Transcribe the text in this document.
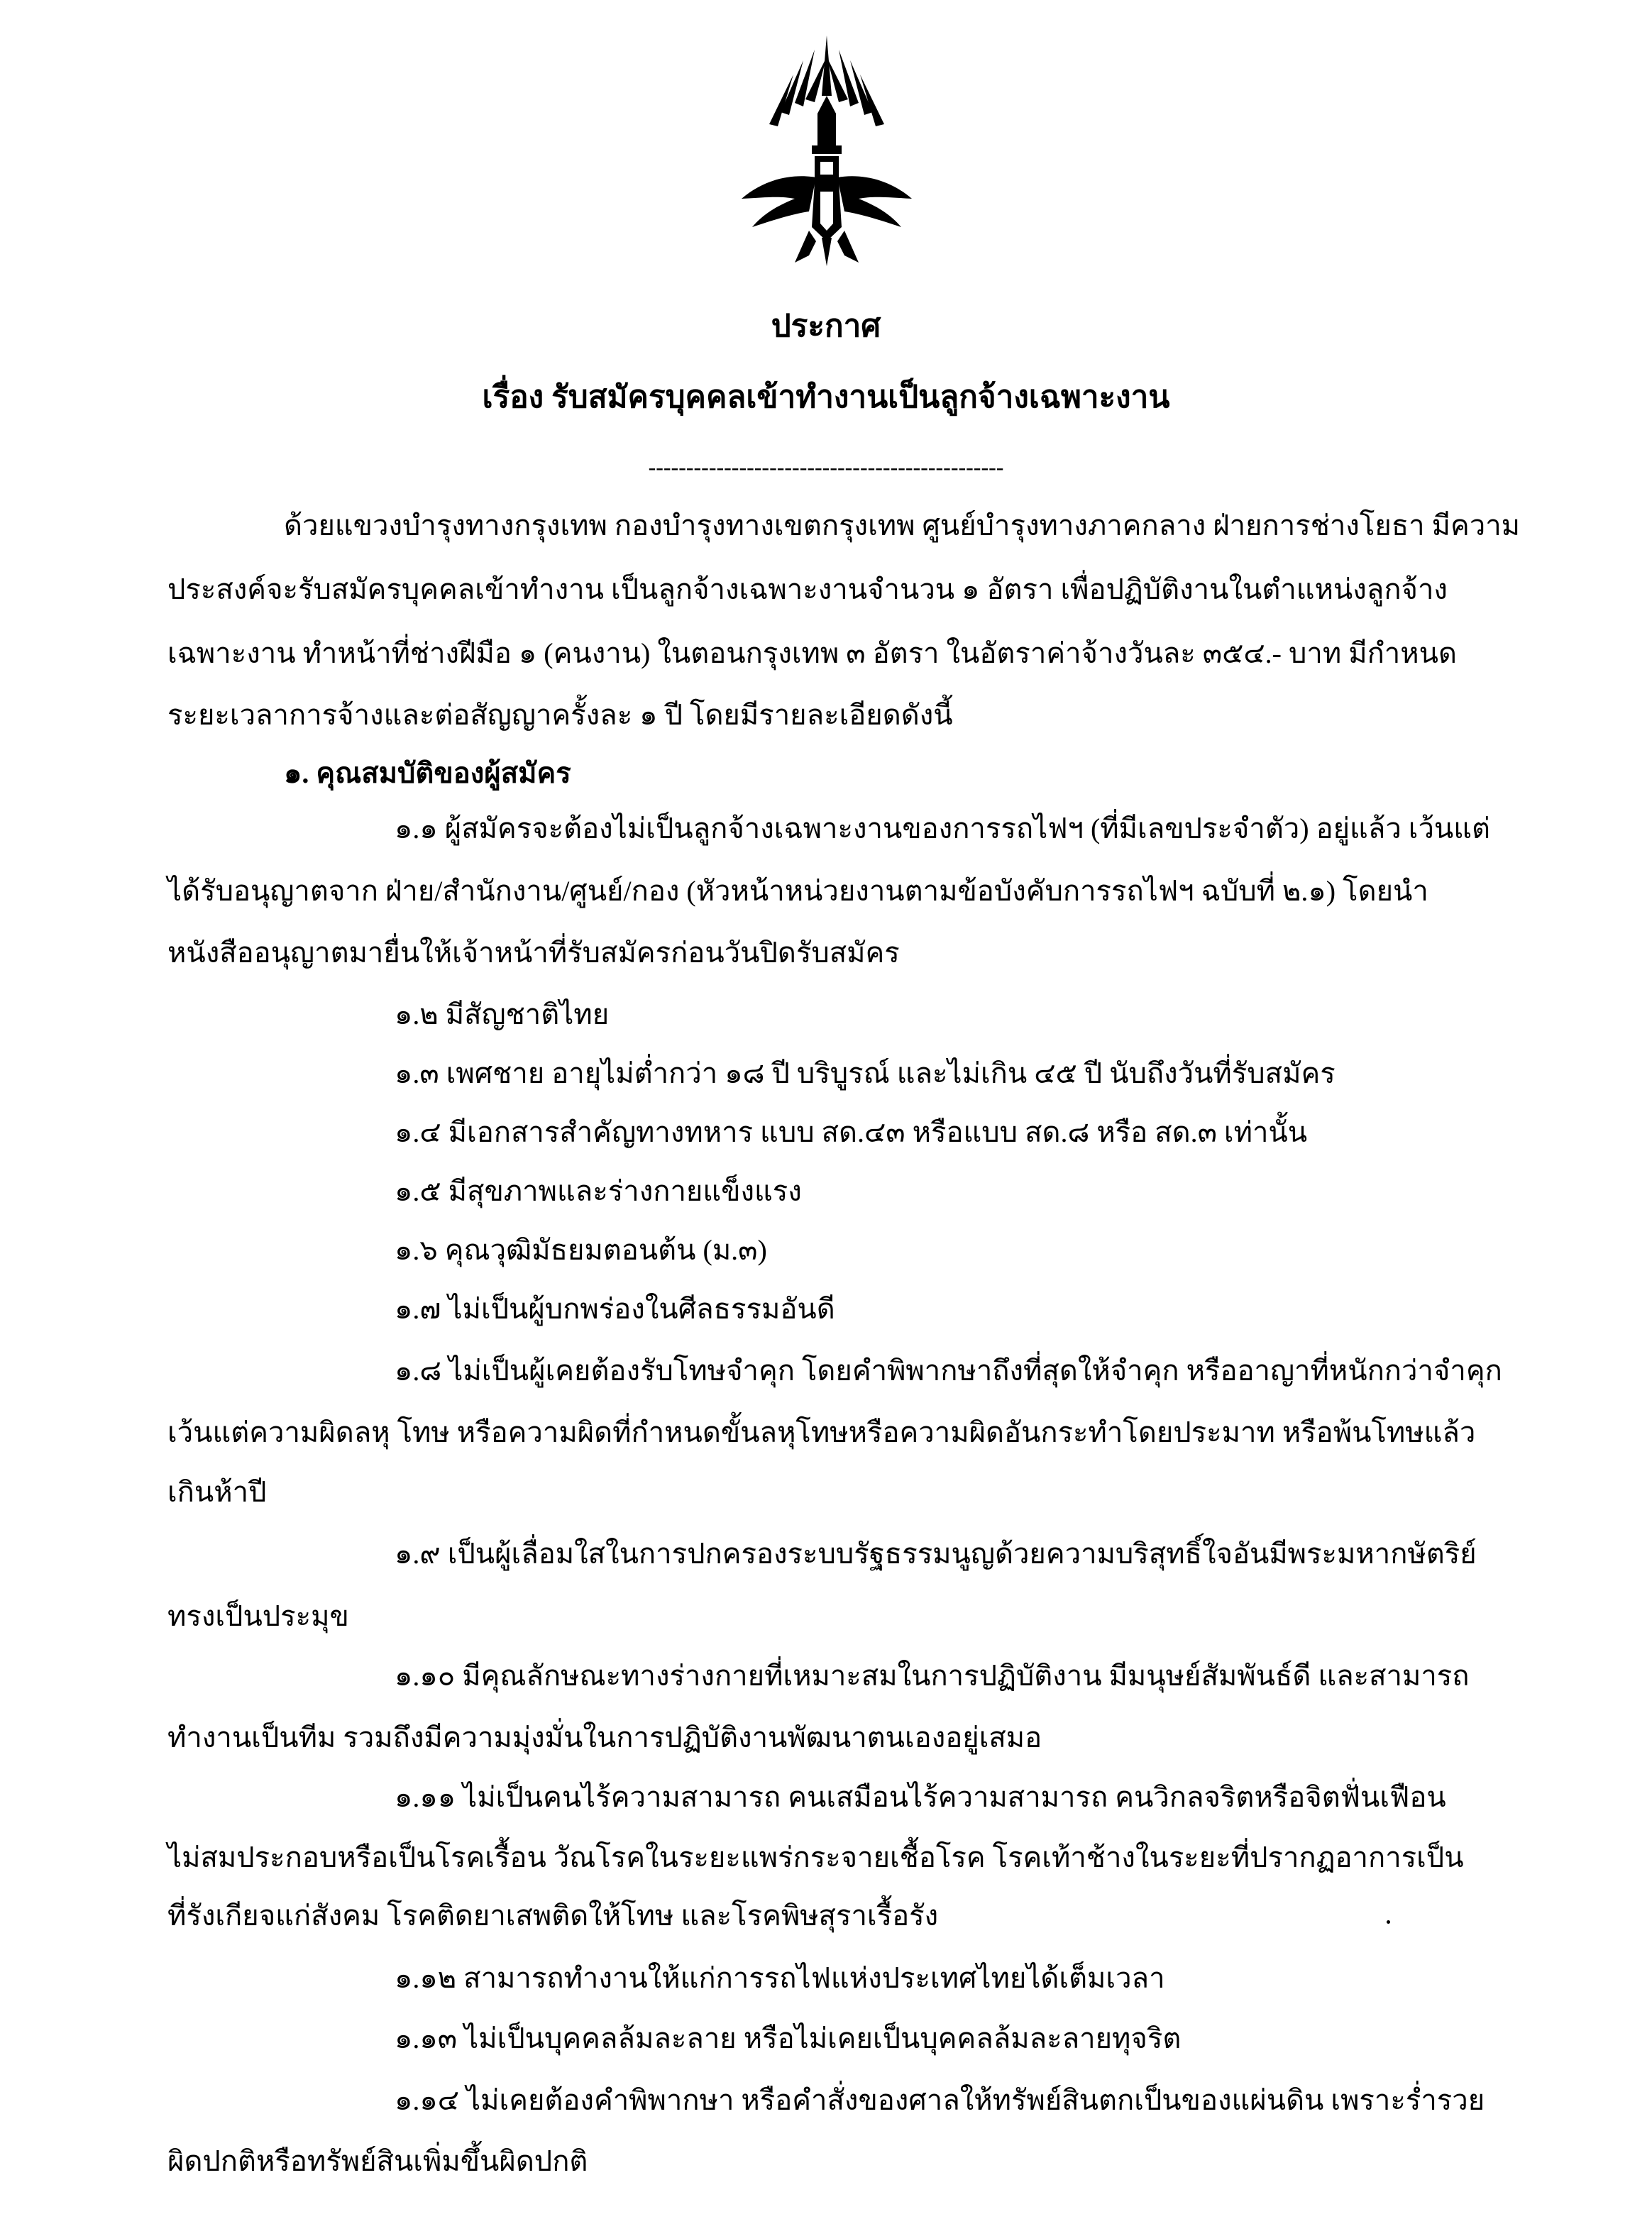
ประกาศ
เรื่อง รับสมัครบุคคลเข้าทำงานเป็นลูกจ้างเฉพาะงาน
-----------------------------------------------
ด้วยแขวงบำรุงทางกรุงเทพ กองบำรุงทางเขตกรุงเทพ ศูนย์บำรุงทางภาคกลาง ฝ่ายการช่างโยธา มีความ
ประสงค์จะรับสมัครบุคคลเข้าทำงาน เป็นลูกจ้างเฉพาะงานจำนวน ๑ อัตรา เพื่อปฏิบัติงานในตำแหน่งลูกจ้าง
เฉพาะงาน ทำหน้าที่ช่างฝีมือ ๑ (คนงาน) ในตอนกรุงเทพ ๓ อัตรา ในอัตราค่าจ้างวันละ ๓๕๔.- บาท มีกำหนด
ระยะเวลาการจ้างและต่อสัญญาครั้งละ ๑ ปี โดยมีรายละเอียดดังนี้
๑. คุณสมบัติของผู้สมัคร
๑.๑ ผู้สมัครจะต้องไม่เป็นลูกจ้างเฉพาะงานของการรถไฟฯ (ที่มีเลขประจำตัว) อยู่แล้ว เว้นแต่
ได้รับอนุญาตจาก ฝ่าย/สำนักงาน/ศูนย์/กอง (หัวหน้าหน่วยงานตามข้อบังคับการรถไฟฯ ฉบับที่ ๒.๑) โดยนำ
หนังสืออนุญาตมายื่นให้เจ้าหน้าที่รับสมัครก่อนวันปิดรับสมัคร
๑.๒ มีสัญชาติไทย
๑.๓ เพศชาย อายุไม่ต่ำกว่า ๑๘ ปี บริบูรณ์ และไม่เกิน ๔๕ ปี นับถึงวันที่รับสมัคร
๑.๔ มีเอกสารสำคัญทางทหาร แบบ สด.๔๓ หรือแบบ สด.๘ หรือ สด.๓ เท่านั้น
๑.๕ มีสุขภาพและร่างกายแข็งแรง
๑.๖ คุณวุฒิมัธยมตอนต้น (ม.๓)
๑.๗ ไม่เป็นผู้บกพร่องในศีลธรรมอันดี
๑.๘ ไม่เป็นผู้เคยต้องรับโทษจำคุก โดยคำพิพากษาถึงที่สุดให้จำคุก หรืออาญาที่หนักกว่าจำคุก
เว้นแต่ความผิดลหุ โทษ หรือความผิดที่กำหนดขั้นลหุโทษหรือความผิดอันกระทำโดยประมาท หรือพ้นโทษแล้ว
เกินห้าปี
๑.๙ เป็นผู้เลื่อมใสในการปกครองระบบรัฐธรรมนูญด้วยความบริสุทธิ์ใจอันมีพระมหากษัตริย์
ทรงเป็นประมุข
๑.๑๐ มีคุณลักษณะทางร่างกายที่เหมาะสมในการปฏิบัติงาน มีมนุษย์สัมพันธ์ดี และสามารถ
ทำงานเป็นทีม รวมถึงมีความมุ่งมั่นในการปฏิบัติงานพัฒนาตนเองอยู่เสมอ
๑.๑๑ ไม่เป็นคนไร้ความสามารถ คนเสมือนไร้ความสามารถ คนวิกลจริตหรือจิตฟั่นเฟือน
ไม่สมประกอบหรือเป็นโรคเรื้อน วัณโรคในระยะแพร่กระจายเชื้อโรค โรคเท้าช้างในระยะที่ปรากฏอาการเป็น
ที่รังเกียจแก่สังคม โรคติดยาเสพติดให้โทษ และโรคพิษสุราเรื้อรัง
๑.๑๒ สามารถทำงานให้แก่การรถไฟแห่งประเทศไทยได้เต็มเวลา
๑.๑๓ ไม่เป็นบุคคลล้มละลาย หรือไม่เคยเป็นบุคคลล้มละลายทุจริต
๑.๑๔ ไม่เคยต้องคำพิพากษา หรือคำสั่งของศาลให้ทรัพย์สินตกเป็นของแผ่นดิน เพราะร่ำรวย
ผิดปกติหรือทรัพย์สินเพิ่มขึ้นผิดปกติ
